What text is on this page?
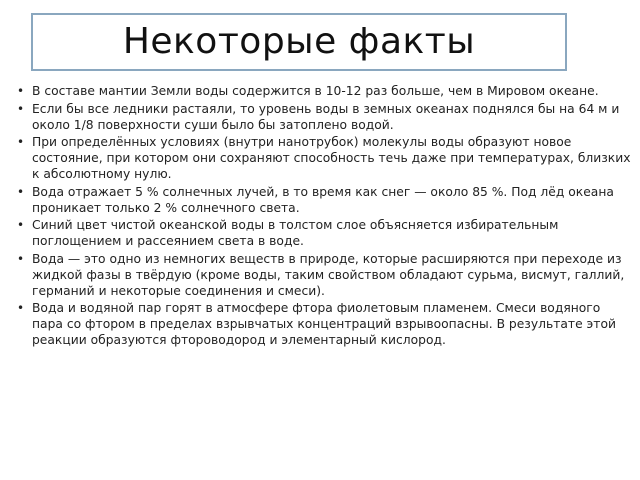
Некоторые факты
• В составе мантии Земли воды содержится в 10-12 раз больше, чем в Мировом океане.
• Если бы все ледники растаяли, то уровень воды в земных океанах поднялся бы на 64 м и около 1/8 поверхности суши было бы затоплено водой.
• При определённых условиях (внутри нанотрубок) молекулы воды образуют новое состояние, при котором они сохраняют способность течь даже при температурах, близких к абсолютному нулю.
• Вода отражает 5 % солнечных лучей, в то время как снег — около 85 %. Под лёд океана проникает только 2 % солнечного света.
• Синий цвет чистой океанской воды в толстом слое объясняется избирательным поглощением и рассеянием света в воде.
• Вода — это одно из немногих веществ в природе, которые расширяются при переходе из жидкой фазы в твёрдую (кроме воды, таким свойством обладают сурьма, висмут, галлий, германий и некоторые соединения и смеси).
• Вода и водяной пар горят в атмосфере фтора фиолетовым пламенем. Смеси водяного пара со фтором в пределах взрывчатых концентраций взрывоопасны. В результате этой реакции образуются фтороводород и элементарный кислород.
